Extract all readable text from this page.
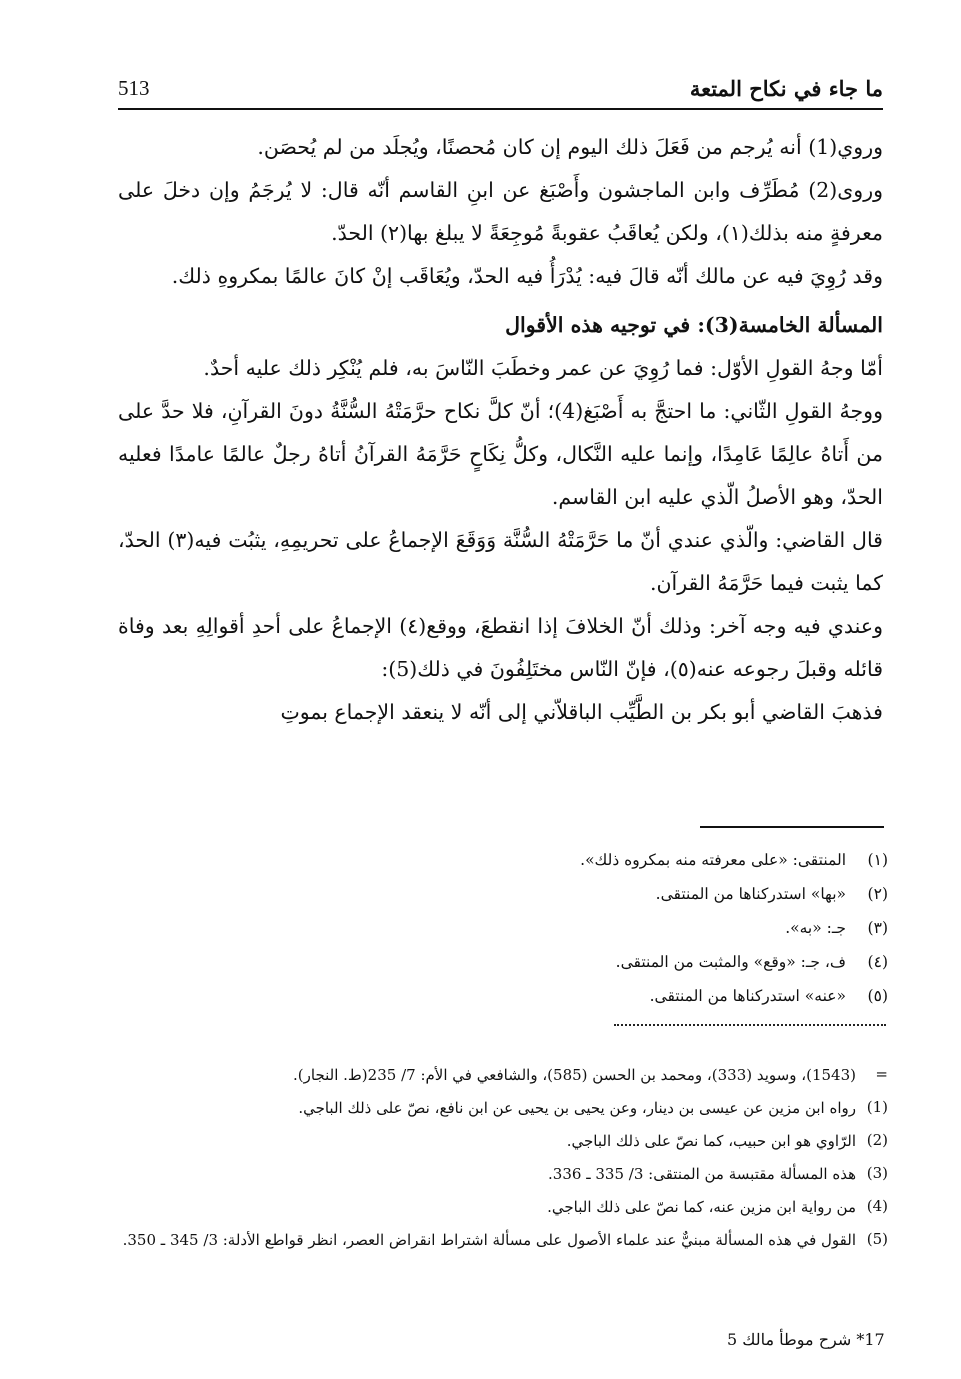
ما جاء في نكاح المتعة
513

وروي(1) أنه يُرجم من فَعَلَ ذلك اليوم إن كان مُحصنًا، ويُجلَد من لم يُحصَن.

وروى(2) مُطَرِّف وابن الماجشون وأَصْبَغ عن ابنِ القاسم أنّه قال: لا يُرجَمُ وإن دخلَ على معرفةٍ منه بذلك(١)، ولكن يُعاقَبُ عقوبةً مُوجِعَةً لا يبلغ بها(٢) الحدّ.

وقد رُوِيَ فيه عن مالك أنّه قالَ فيه: يُدْرَأُ فيه الحدّ، ويُعَاقَب إنْ كانَ عالمًا بمكروهِ ذلك.

المسألة الخامسة(3): في توجيه هذه الأقوال

أمّا وجهُ القولِ الأوّل: فما رُوِيَ عن عمر وخطَبَ النّاسَ به، فلم يُنْكِر ذلك عليه أحدٌ.

ووجهُ القولِ الثّاني: ما احتجَّ به أَصْبَغ(4)؛ أنّ كلَّ نكاح حرَّمَتْهُ السُّنَّةُ دونَ القرآنِ، فلا حدَّ على من أَتاهُ عالِمًا عَامِدًا، وإنما عليه النَّكال، وكلُّ نِكَاحٍ حَرَّمَهُ القرآنُ أتاهُ رجلٌ عالمًا عامدًا فعليه الحدّ، وهو الأصلُ الّذي عليه ابن القاسم.

قال القاضي: والّذي عندي أنّ ما حَرَّمَتْهُ السُّنَّة وَوَقَعَ الإجماعُ على تحريمِهِ، يثبُت فيه(٣) الحدّ، كما يثبت فيما حَرَّمَهُ القرآن.

وعندي فيه وجه آخر: وذلك أنّ الخلافَ إذا انقطعَ، ووقع(٤) الإجماعُ على أحدِ أقوالِهِ بعد وفاة قائله وقبلَ رجوعه عنه(٥)، فإنّ النّاس مختَلِفُونَ في ذلك(5):

فذهبَ القاضي أبو بكر بن الطَّيِّب الباقلاّني إلى أنّه لا ينعقد الإجماع بموتِ

(١)
المنتقى: «على معرفته منه بمكروه ذلك».
(٢)
«بها» استدركناها من المنتقى.
(٣)
جـ: «به».
(٤)
ف، جـ: «وقع» والمثبت من المنتقى.
(٥)
«عنه» استدركناها من المنتقى.
=
(1543)، وسويد (333)، ومحمد بن الحسن (585)، والشافعي في الأم: 7/ 235(ط. النجار).
(1)
رواه ابن مزين عن عيسى بن دينار، وعن يحيى بن يحيى عن ابن نافع، نصّ على ذلك الباجي.
(2)
الرّاوي هو ابن حبيب، كما نصّ على ذلك الباجي.
(3)
هذه المسألة مقتبسة من المنتقى: 3/ 335 ـ 336.
(4)
من رواية ابن مزين عنه، كما نصّ على ذلك الباجي.
(5)
القول في هذه المسألة مبنيٌّ عند علماء الأصول على مسألة اشتراط انقراض العصر، انظر قواطع الأدلة: 3/ 345 ـ 350.
17* شرح موطأ مالك 5
